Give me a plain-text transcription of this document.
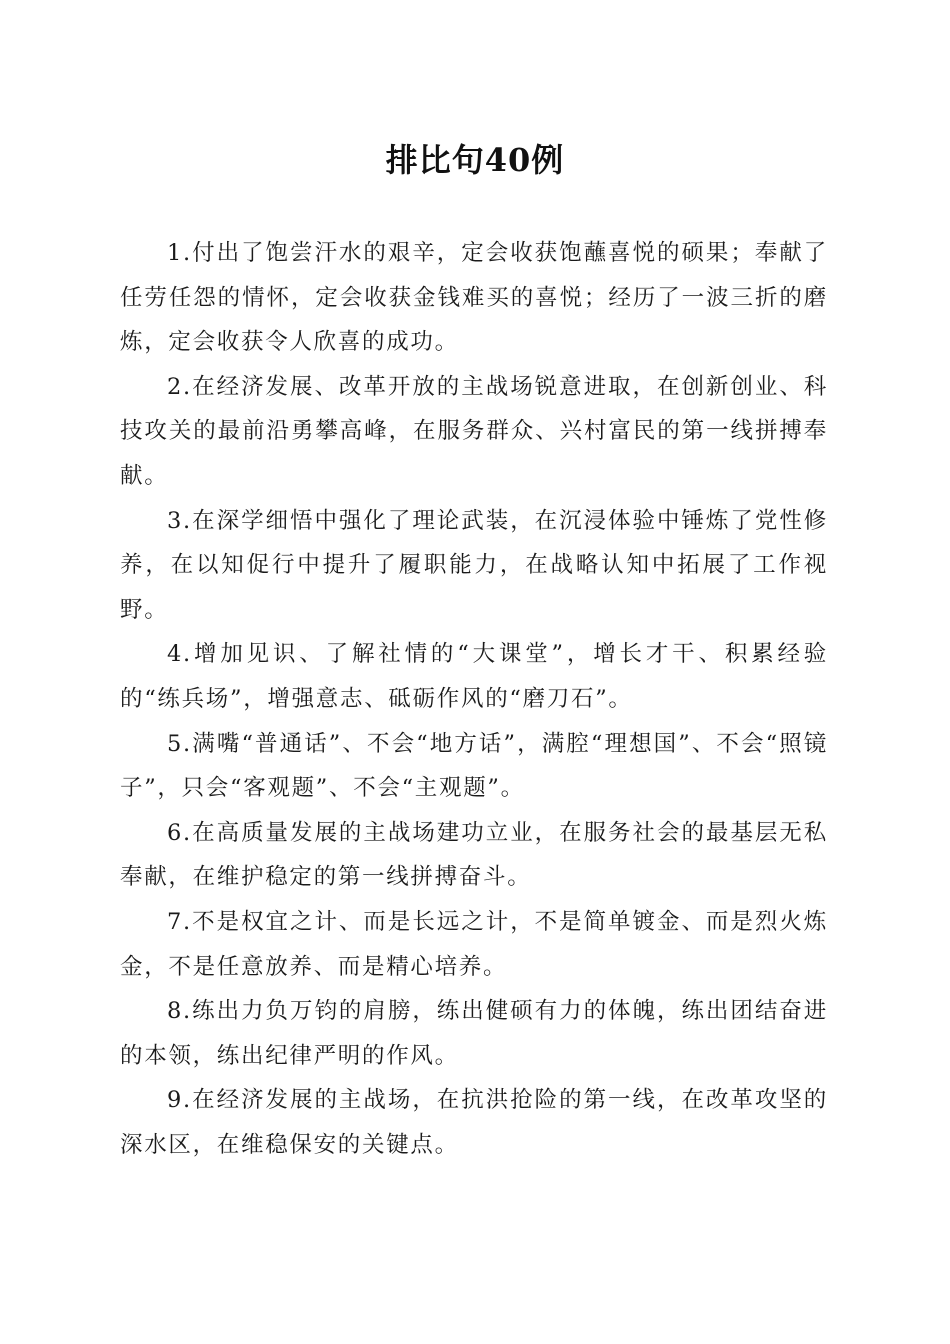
排比句40例
1.付出了饱尝汗水的艰辛，定会收获饱蘸喜悦的硕果；奉献了任劳任怨的情怀，定会收获金钱难买的喜悦；经历了一波三折的磨炼，定会收获令人欣喜的成功。
2.在经济发展、改革开放的主战场锐意进取，在创新创业、科技攻关的最前沿勇攀高峰，在服务群众、兴村富民的第一线拼搏奉献。
3.在深学细悟中强化了理论武装，在沉浸体验中锤炼了党性修养，在以知促行中提升了履职能力，在战略认知中拓展了工作视野。
4.增加见识、了解社情的“大课堂”，增长才干、积累经验的“练兵场”，增强意志、砥砺作风的“磨刀石”。
5.满嘴“普通话”、不会“地方话”，满腔“理想国”、不会“照镜子”，只会“客观题”、不会“主观题”。
6.在高质量发展的主战场建功立业，在服务社会的最基层无私奉献，在维护稳定的第一线拼搏奋斗。
7.不是权宜之计、而是长远之计，不是简单镀金、而是烈火炼金，不是任意放养、而是精心培养。
8.练出力负万钧的肩膀，练出健硕有力的体魄，练出团结奋进的本领，练出纪律严明的作风。
9.在经济发展的主战场，在抗洪抢险的第一线，在改革攻坚的深水区，在维稳保安的关键点。
